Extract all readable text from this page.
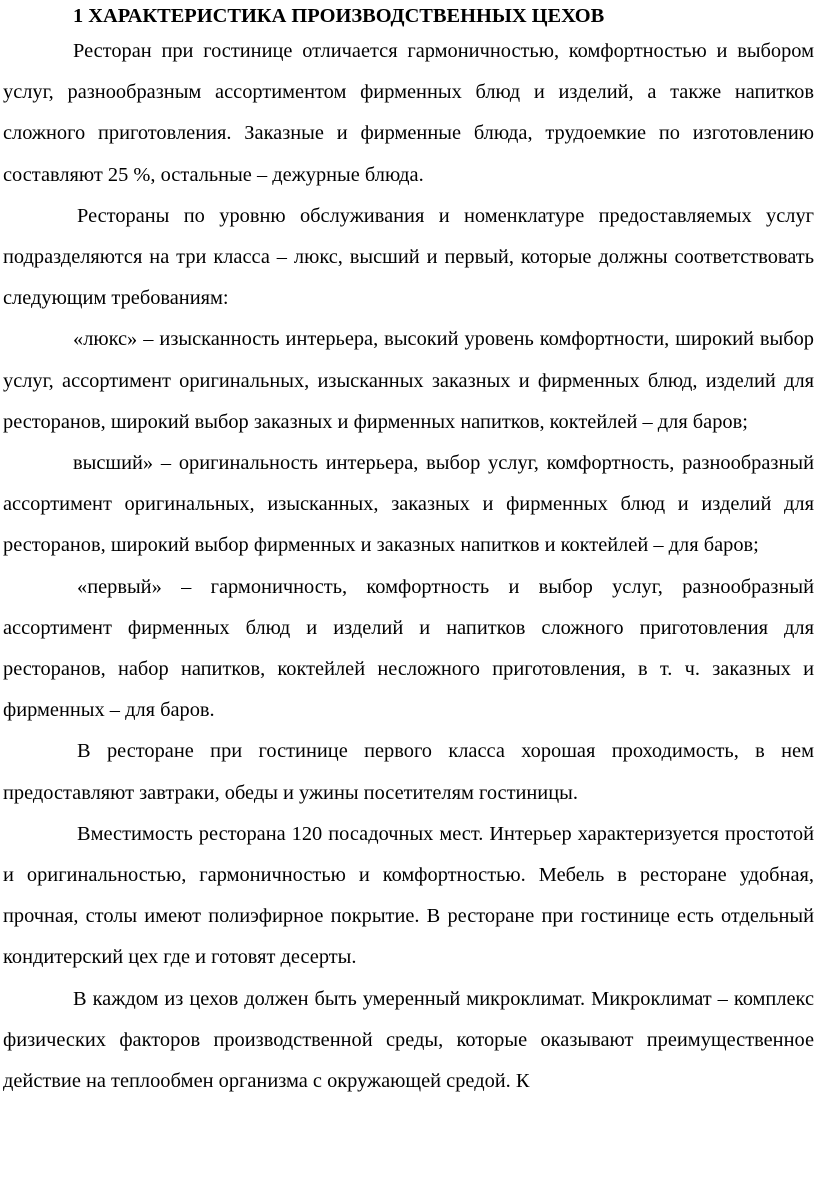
1 ХАРАКТЕРИСТИКА ПРОИЗВОДСТВЕННЫХ ЦЕХОВ

Ресторан при гостинице отличается гармоничностью, комфортностью и выбором услуг, разнообразным ассортиментом фирменных блюд и изделий, а также напитков сложного приготовления. Заказные и фирменные блюда, трудоемкие по изготовлению составляют 25 %, остальные – дежурные блюда.

Рестораны по уровню обслуживания и номенклатуре предоставляемых услуг подразделяются на три класса – люкс, высший и первый, которые должны соответствовать следующим требованиям:

«люкс» – изысканность интерьера, высокий уровень комфортности, широкий выбор услуг, ассортимент оригинальных, изысканных заказных и фирменных блюд, изделий для ресторанов, широкий выбор заказных и фирменных напитков, коктейлей – для баров;

высший» – оригинальность интерьера, выбор услуг, комфортность, разнообразный ассортимент оригинальных, изысканных, заказных и фирменных блюд и изделий для ресторанов, широкий выбор фирменных и заказных напитков и коктейлей – для баров;

«первый» – гармоничность, комфортность и выбор услуг, разнообразный ассортимент фирменных блюд и изделий и напитков сложного приготовления для ресторанов, набор напитков, коктейлей несложного приготовления, в т. ч. заказных и фирменных – для баров.

В ресторане при гостинице первого класса хорошая проходимость, в нем предоставляют завтраки, обеды и ужины посетителям гостиницы.

Вместимость ресторана 120 посадочных мест. Интерьер характеризуется простотой и оригинальностью, гармоничностью и комфортностью. Мебель в ресторане удобная, прочная, столы имеют полиэфирное покрытие. В ресторане при гостинице есть отдельный кондитерский цех где и готовят десерты.

В каждом из цехов должен быть умеренный микроклимат. Микроклимат – комплекс физических факторов производственной среды, которые оказывают преимущественное действие на теплообмен организма с окружающей средой. К
